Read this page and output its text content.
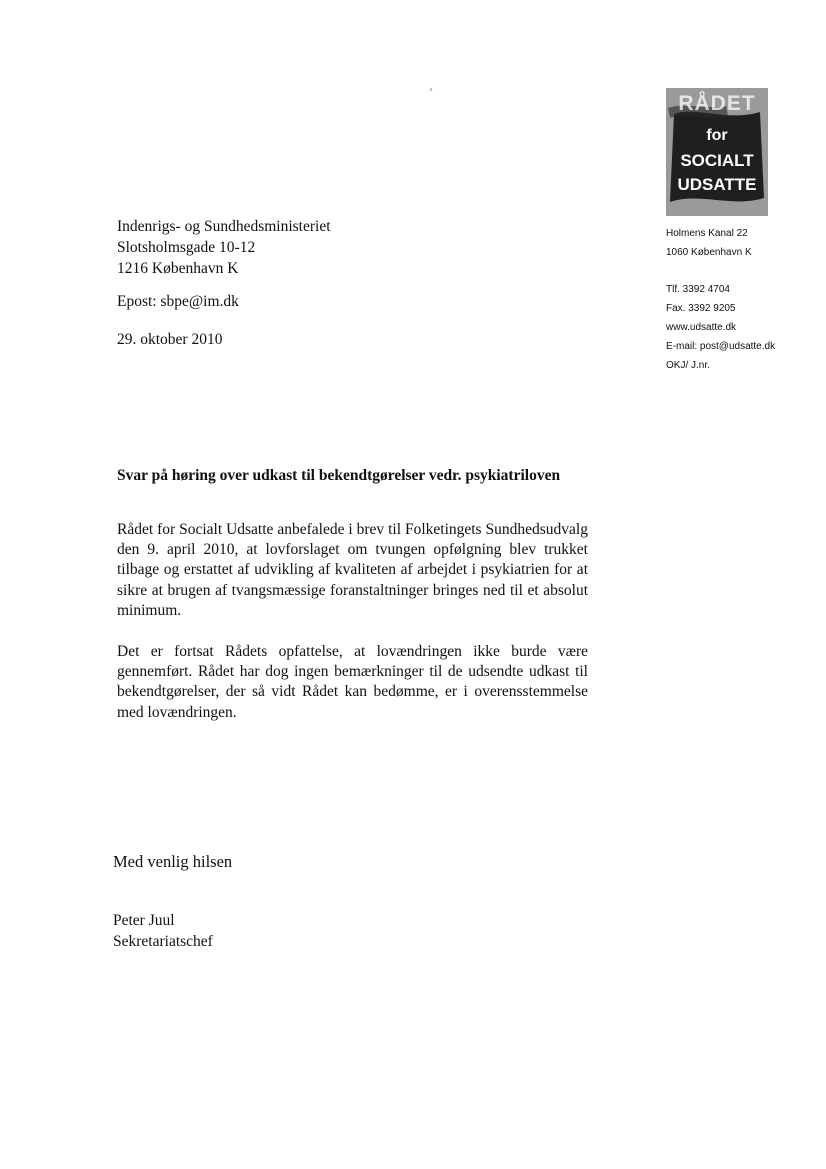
RÅDET
for
SOCIALT
UDSATTE
Holmens Kanal 22
1060 København K
Tlf. 3392 4704
Fax. 3392 9205
www.udsatte.dk
E-mail: post@udsatte.dk
OKJ/ J.nr.
Indenrigs- og Sundhedsministeriet
Slotsholmsgade 10-12
1216 København K
Epost: sbpe@im.dk
29. oktober 2010
Svar på høring over udkast til bekendtgørelser vedr. psykiatriloven
Rådet for Socialt Udsatte anbefalede i brev til Folketingets Sundhedsudvalg den 9. april 2010, at lovforslaget om tvungen opfølgning blev trukket tilbage og erstattet af udvikling af kvaliteten af arbejdet i psykiatrien for at sikre at brugen af tvangsmæssige foranstaltninger bringes ned til et absolut minimum.
Det er fortsat Rådets opfattelse, at lovændringen ikke burde være gennemført. Rådet har dog ingen bemærkninger til de udsendte udkast til bekendtgørelser, der så vidt Rådet kan bedømme, er i overensstemmelse med lovændringen.
Med venlig hilsen
Peter Juul
Sekretariatschef
